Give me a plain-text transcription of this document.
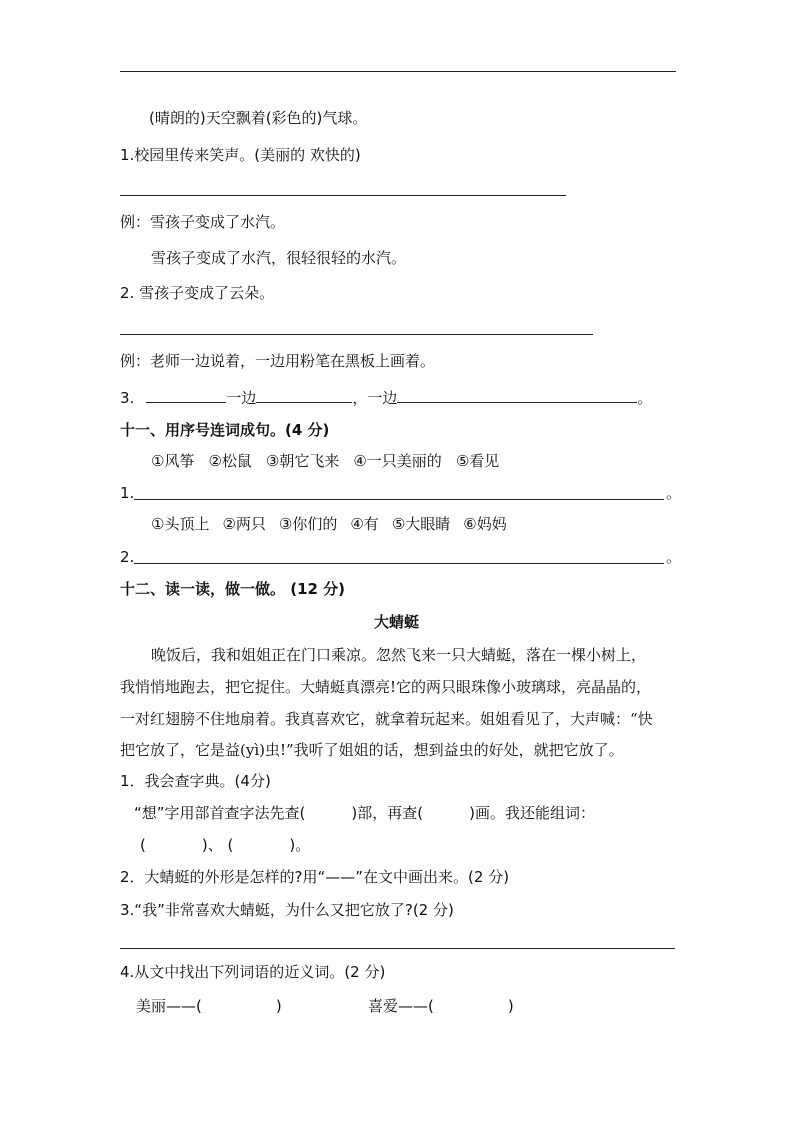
(晴朗的)天空飘着(彩色的)气球。
1.校园里传来笑声。(美丽的 欢快的)
例：雪孩子变成了水汽。
雪孩子变成了水汽，很轻很轻的水汽。
2. 雪孩子变成了云朵。
例：老师一边说着，一边用粉笔在黑板上画着。
3.	一边	，一边	。
十一、用序号连词成句。(4 分)
①风筝 ②松鼠 ③朝它飞来 ④一只美丽的 ⑤看见
1.	。
①头顶上 ②两只 ③你们的 ④有 ⑤大眼睛 ⑥妈妈
2.	。
十二、读一读，做一做。 (12 分)
大蜻蜓
晚饭后，我和姐姐正在门口乘凉。忽然飞来一只大蜻蜓，落在一棵小树上，
我悄悄地跑去，把它捉住。大蜻蜓真漂亮!它的两只眼珠像小玻璃球，亮晶晶的，
一对红翅膀不住地扇着。我真喜欢它，就拿着玩起来。姐姐看见了，大声喊：“快
把它放了，它是益(yì)虫!”我听了姐姐的话，想到益虫的好处，就把它放了。
1．我会查字典。(4分)
“想”字用部首查字法先查(	)部，再查(	)画。我还能组词：
(	)、 (	)。
2．大蜻蜓的外形是怎样的?用“——”在文中画出来。(2 分)
3.“我”非常喜欢大蜻蜓，为什么又把它放了?(2 分)
4.从文中找出下列词语的近义词。(2 分)
美丽——(	)	喜爱——(	)
